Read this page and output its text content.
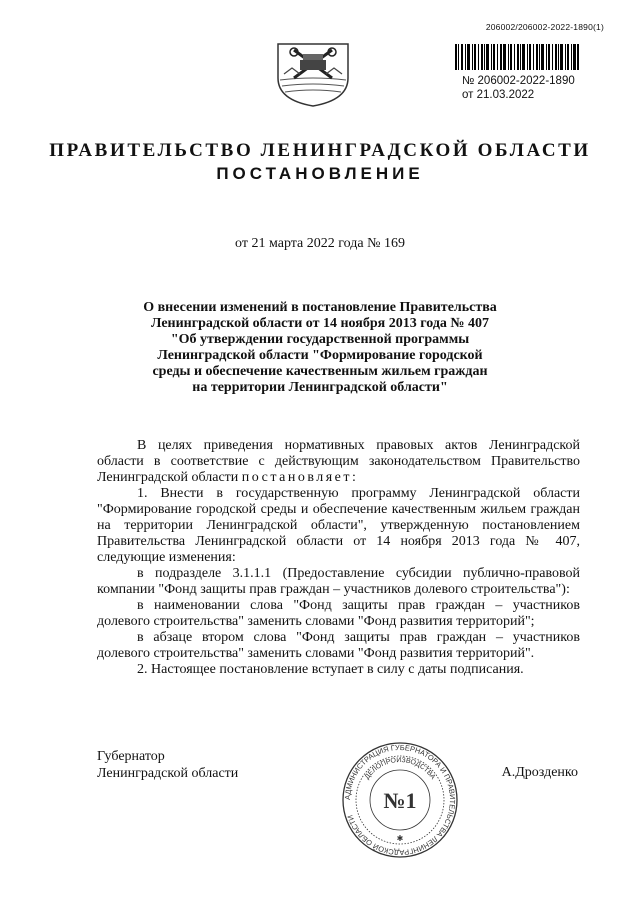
206002/206002-2022-1890(1)
№ 206002-2022-1890
от 21.03.2022
ПРАВИТЕЛЬСТВО ЛЕНИНГРАДСКОЙ ОБЛАСТИ
ПОСТАНОВЛЕНИЕ
от 21 марта 2022 года № 169
О внесении изменений в постановление Правительства
Ленинградской области от 14 ноября 2013 года № 407
"Об утверждении государственной программы
Ленинградской области "Формирование городской
среды и обеспечение качественным жильем граждан
на территории Ленинградской области"

В целях приведения нормативных правовых актов Ленинградской области в соответствие с действующим законодательством Правительство Ленинградской области постановляет:

1. Внести в государственную программу Ленинградской области "Формирование городской среды и обеспечение качественным жильем граждан на территории Ленинградской области", утвержденную постановлением Правительства Ленинградской области от 14 ноября 2013 года № 407, следующие изменения:

в подразделе 3.1.1.1 (Предоставление субсидии публично-правовой компании "Фонд защиты прав граждан – участников долевого строительства"):

в наименовании слова "Фонд защиты прав граждан – участников долевого строительства" заменить словами "Фонд развития территорий";

в абзаце втором слова "Фонд защиты прав граждан – участников долевого строительства" заменить словами "Фонд развития территорий".

2. Настоящее постановление вступает в силу с даты подписания.

Губернатор
Ленинградской области
АДМИНИСТРАЦИЯ ГУБЕРНАТОРА И ПРАВИТЕЛЬСТВА ЛЕНИНГРАДСКОЙ ОБЛАСТИ
ДЕЛОПРОИЗВОДСТВА
№1
✱
А.Дрозденко
